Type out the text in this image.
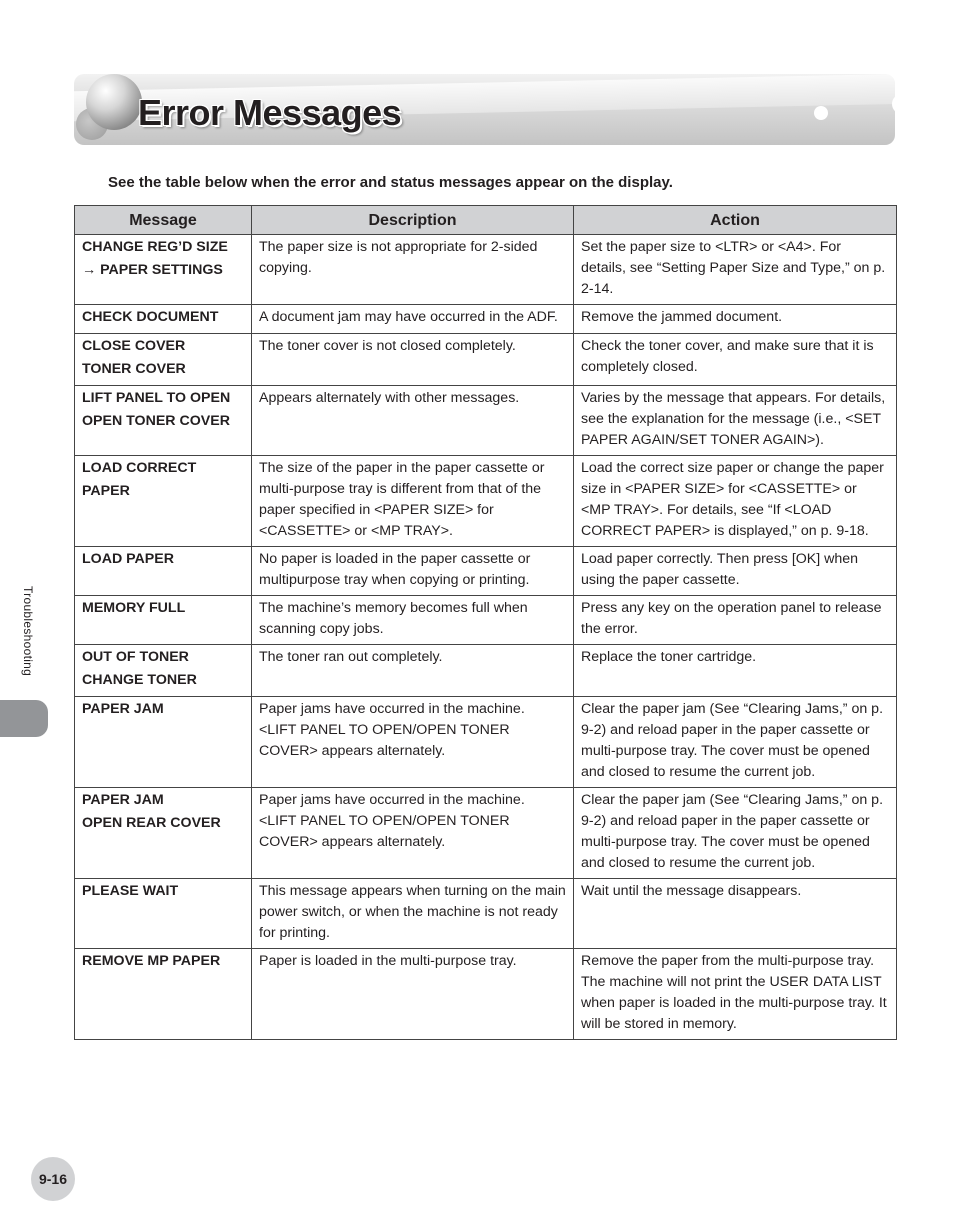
Error Messages

See the table below when the error and status messages appear on the display.

Message	Description	Action

CHANGE REG’D SIZE
→ PAPER SETTINGS	The paper size is not appropriate for 2-sided copying.	Set the paper size to <LTR> or <A4>. For details, see “Setting Paper Size and Type,” on p. 2-14.

CHECK DOCUMENT	A document jam may have occurred in the ADF.	Remove the jammed document.

CLOSE COVER
TONER COVER	The toner cover is not closed completely.	Check the toner cover, and make sure that it is completely closed.

LIFT PANEL TO OPEN
OPEN TONER COVER	Appears alternately with other messages.	Varies by the message that appears. For details, see the explanation for the message (i.e., <SET PAPER AGAIN/SET TONER AGAIN>).

LOAD CORRECT
PAPER	The size of the paper in the paper cassette or multi-purpose tray is different from that of the paper specified in <PAPER SIZE> for <CASSETTE> or <MP TRAY>.	Load the correct size paper or change the paper size in <PAPER SIZE> for <CASSETTE> or <MP TRAY>. For details, see “If <LOAD CORRECT PAPER> is displayed,” on p. 9-18.

LOAD PAPER	No paper is loaded in the paper cassette or multipurpose tray when copying or printing.	Load paper correctly. Then press [OK] when using the paper cassette.

MEMORY FULL	The machine’s memory becomes full when scanning copy jobs.	Press any key on the operation panel to release the error.

OUT OF TONER
CHANGE TONER	The toner ran out completely.	Replace the toner cartridge.

PAPER JAM	Paper jams have occurred in the machine. <LIFT PANEL TO OPEN/OPEN TONER COVER> appears alternately.	Clear the paper jam (See “Clearing Jams,” on p. 9-2) and reload paper in the paper cassette or multi-purpose tray. The cover must be opened and closed to resume the current job.

PAPER JAM
OPEN REAR COVER	Paper jams have occurred in the machine. <LIFT PANEL TO OPEN/OPEN TONER COVER> appears alternately.	Clear the paper jam (See “Clearing Jams,” on p. 9-2) and reload paper in the paper cassette or multi-purpose tray. The cover must be opened and closed to resume the current job.

PLEASE WAIT	This message appears when turning on the main power switch, or when the machine is not ready for printing.	Wait until the message disappears.

REMOVE MP PAPER	Paper is loaded in the multi-purpose tray.	Remove the paper from the multi-purpose tray. The machine will not print the USER DATA LIST when paper is loaded in the multi-purpose tray. It will be stored in memory.
Troubleshooting
9-16
